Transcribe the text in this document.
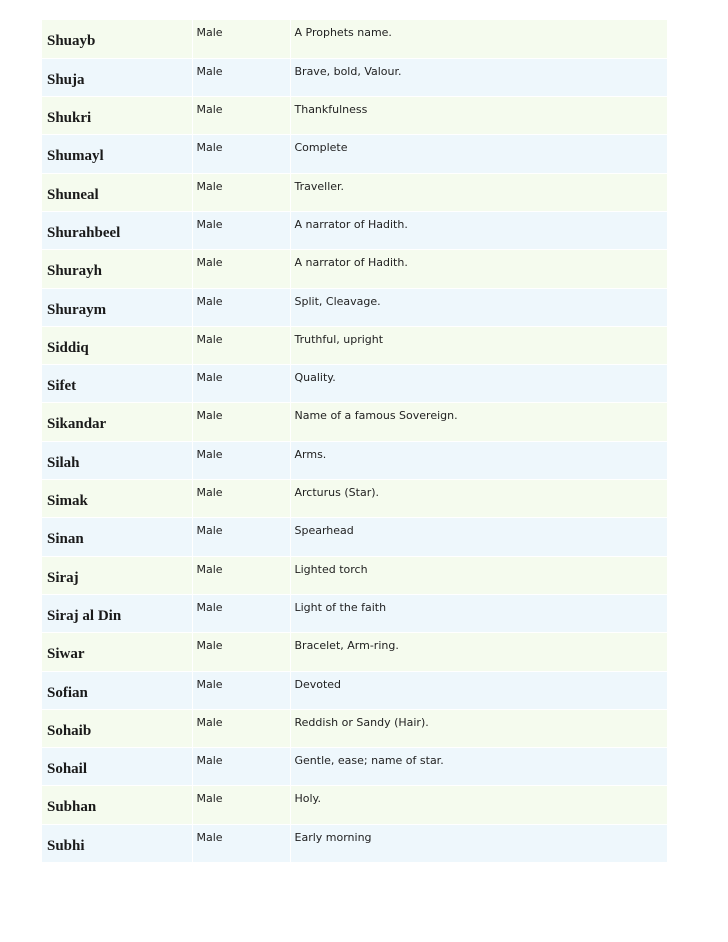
Shuayb	Male	A Prophets name.
Shuja	Male	Brave, bold, Valour.
Shukri	Male	Thankfulness
Shumayl	Male	Complete
Shuneal	Male	Traveller.
Shurahbeel	Male	A narrator of Hadith.
Shurayh	Male	A narrator of Hadith.
Shuraym	Male	Split, Cleavage.
Siddiq	Male	Truthful, upright
Sifet	Male	Quality.
Sikandar	Male	Name of a famous Sovereign.
Silah	Male	Arms.
Simak	Male	Arcturus (Star).
Sinan	Male	Spearhead
Siraj	Male	Lighted torch
Siraj al Din	Male	Light of the faith
Siwar	Male	Bracelet, Arm-ring.
Sofian	Male	Devoted
Sohaib	Male	Reddish or Sandy (Hair).
Sohail	Male	Gentle, ease; name of star.
Subhan	Male	Holy.
Subhi	Male	Early morning
